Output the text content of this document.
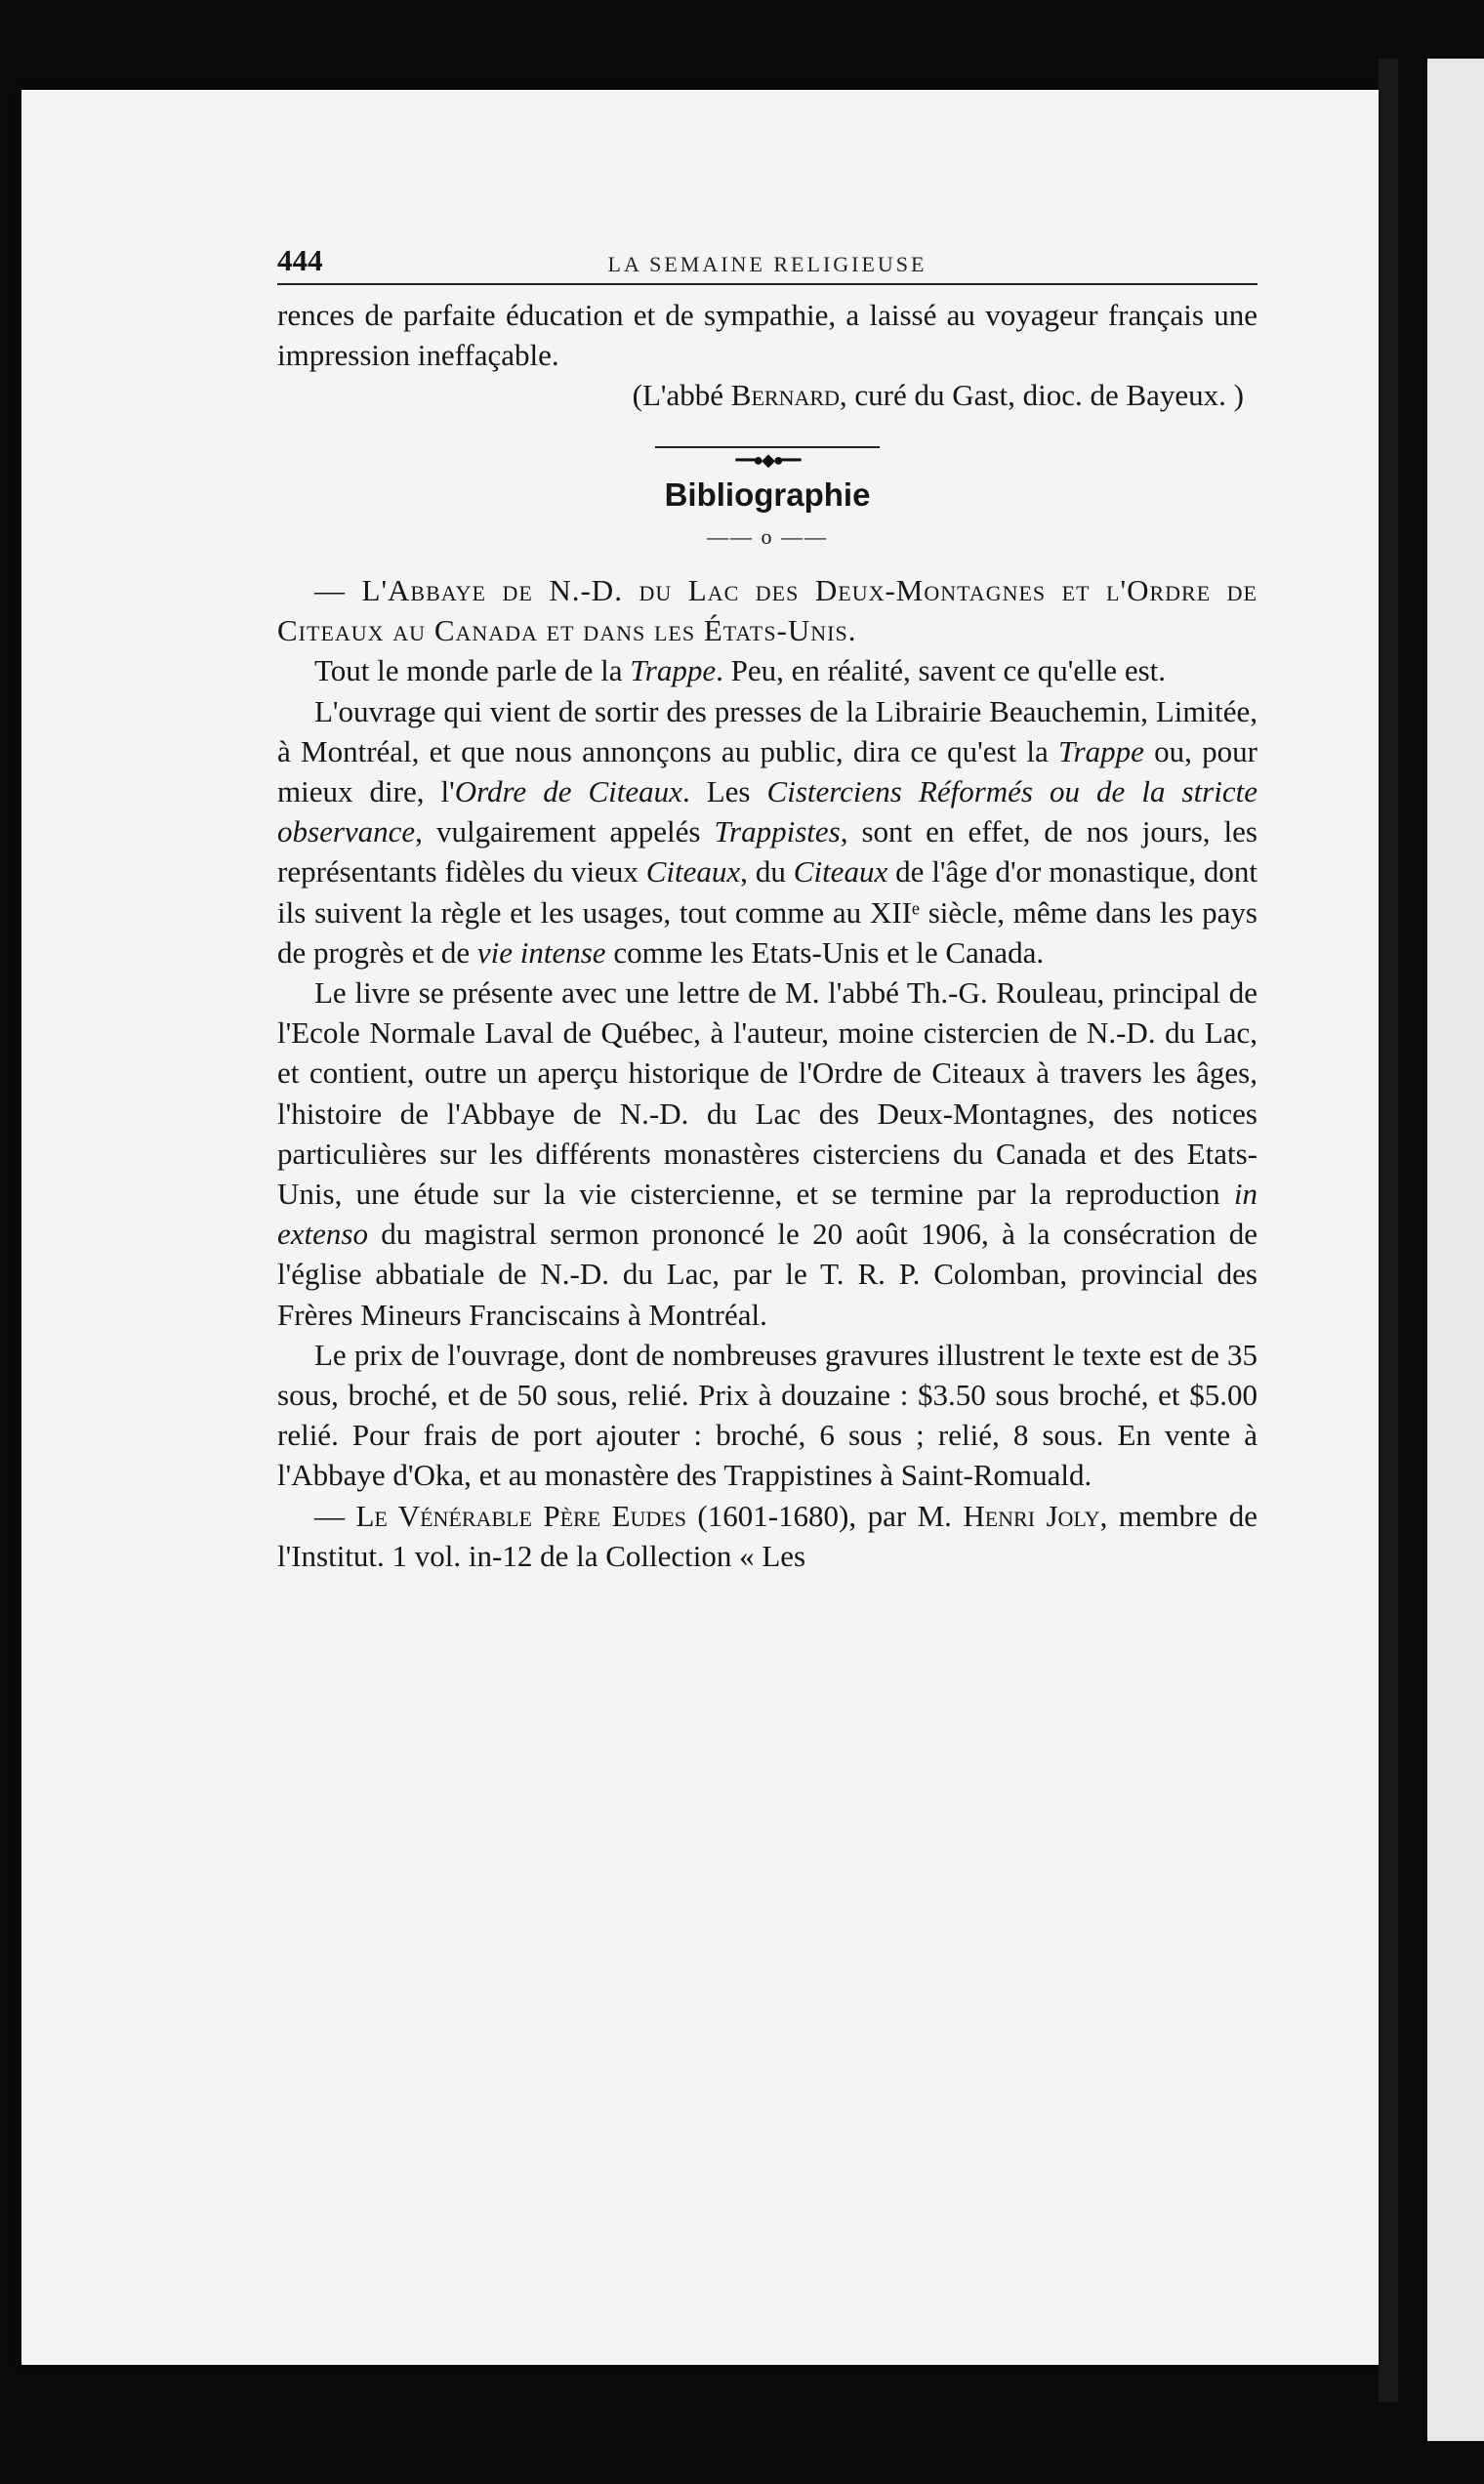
444	LA SEMAINE RELIGIEUSE

rences de parfaite éducation et de sympathie, a laissé au voyageur français une impression ineffaçable.

(L'abbé Bernard, curé du Gast, dioc. de Bayeux. )

━━●◆●━━
Bibliographie
—— o ——

— L'Abbaye de N.-D. du Lac des Deux-Montagnes et l'Ordre de Citeaux au Canada et dans les États-Unis.

Tout le monde parle de la Trappe. Peu, en réalité, savent ce qu'elle est.

L'ouvrage qui vient de sortir des presses de la Librairie Beauchemin, Limitée, à Montréal, et que nous annonçons au public, dira ce qu'est la Trappe ou, pour mieux dire, l'Ordre de Citeaux. Les Cisterciens Réformés ou de la stricte observance, vulgairement appelés Trappistes, sont en effet, de nos jours, les représentants fidèles du vieux Citeaux, du Citeaux de l'âge d'or monastique, dont ils suivent la règle et les usages, tout comme au XIIᵉ siècle, même dans les pays de progrès et de vie intense comme les Etats-Unis et le Canada.

Le livre se présente avec une lettre de M. l'abbé Th.-G. Rouleau, principal de l'Ecole Normale Laval de Québec, à l'auteur, moine cistercien de N.-D. du Lac, et contient, outre un aperçu historique de l'Ordre de Citeaux à travers les âges, l'histoire de l'Abbaye de N.-D. du Lac des Deux-Montagnes, des notices particulières sur les différents monastères cisterciens du Canada et des Etats-Unis, une étude sur la vie cistercienne, et se termine par la reproduction in extenso du magistral sermon prononcé le 20 août 1906, à la consécration de l'église abbatiale de N.-D. du Lac, par le T. R. P. Colomban, provincial des Frères Mineurs Franciscains à Montréal.

Le prix de l'ouvrage, dont de nombreuses gravures illustrent le texte est de 35 sous, broché, et de 50 sous, relié. Prix à douzaine : $3.50 sous broché, et $5.00 relié. Pour frais de port ajouter : broché, 6 sous ; relié, 8 sous. En vente à l'Abbaye d'Oka, et au monastère des Trappistines à Saint-Romuald.

— Le Vénérable Père Eudes (1601-1680), par M. Henri Joly, membre de l'Institut. 1 vol. in-12 de la Collection « Les
